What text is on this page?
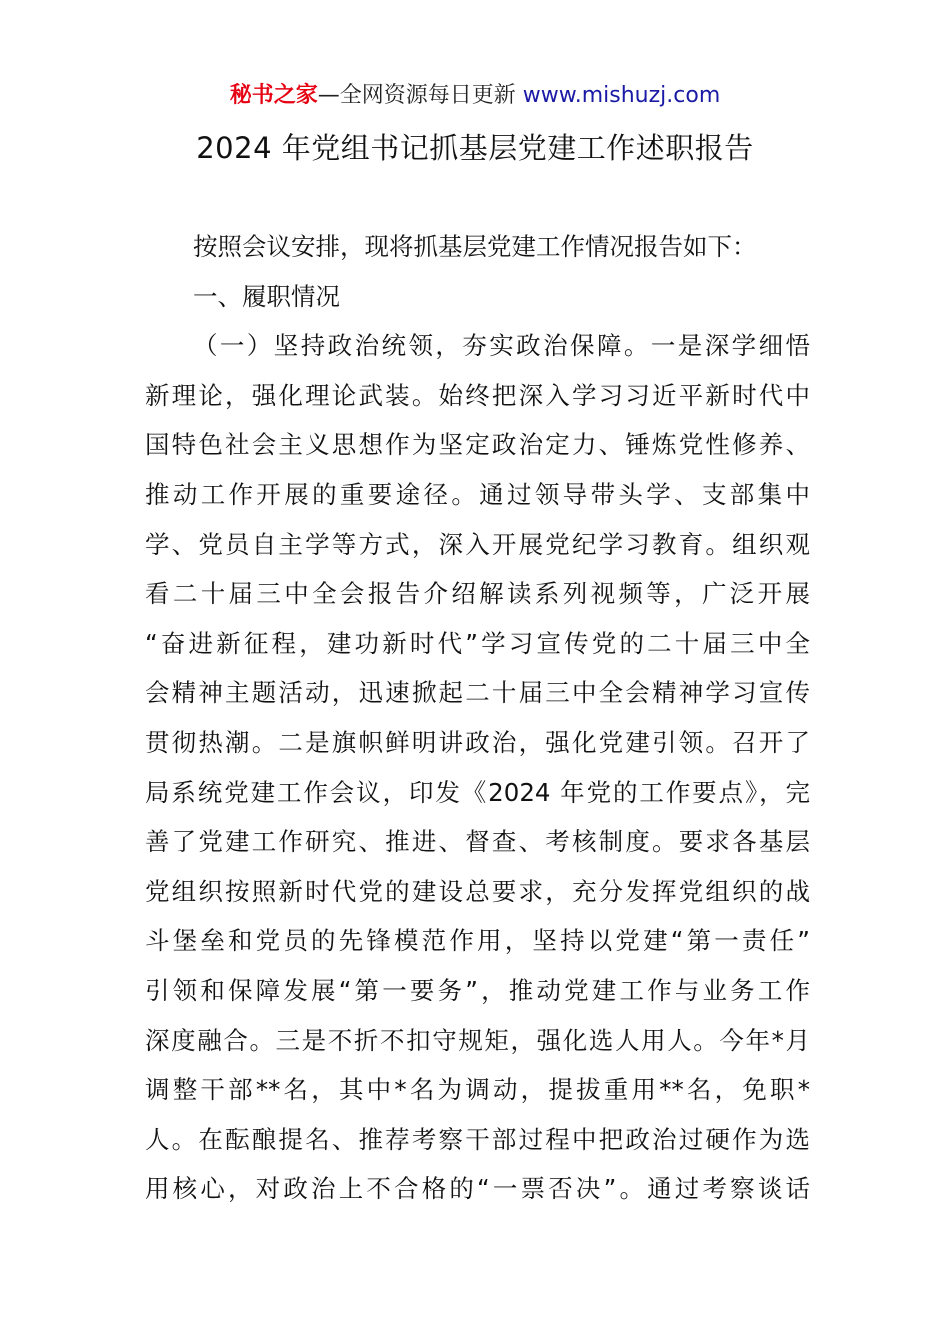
秘书之家—全网资源每日更新 www.mishuzj.com
2024 年党组书记抓基层党建工作述职报告
按照会议安排，现将抓基层党建工作情况报告如下：
一、履职情况
（一）坚持政治统领，夯实政治保障。一是深学细悟
新理论，强化理论武装。始终把深入学习习近平新时代中
国特色社会主义思想作为坚定政治定力、锤炼党性修养、
推动工作开展的重要途径。通过领导带头学、支部集中
学、党员自主学等方式，深入开展党纪学习教育。组织观
看二十届三中全会报告介绍解读系列视频等，广泛开展
“奋进新征程，建功新时代”学习宣传党的二十届三中全
会精神主题活动，迅速掀起二十届三中全会精神学习宣传
贯彻热潮。二是旗帜鲜明讲政治，强化党建引领。召开了
局系统党建工作会议，印发《2024 年党的工作要点》，完
善了党建工作研究、推进、督查、考核制度。要求各基层
党组织按照新时代党的建设总要求，充分发挥党组织的战
斗堡垒和党员的先锋模范作用，坚持以党建“第一责任”
引领和保障发展“第一要务”，推动党建工作与业务工作
深度融合。三是不折不扣守规矩，强化选人用人。今年*月
调整干部**名，其中*名为调动，提拔重用**名，免职*
人。在酝酿提名、推荐考察干部过程中把政治过硬作为选
用核心，对政治上不合格的“一票否决”。通过考察谈话
